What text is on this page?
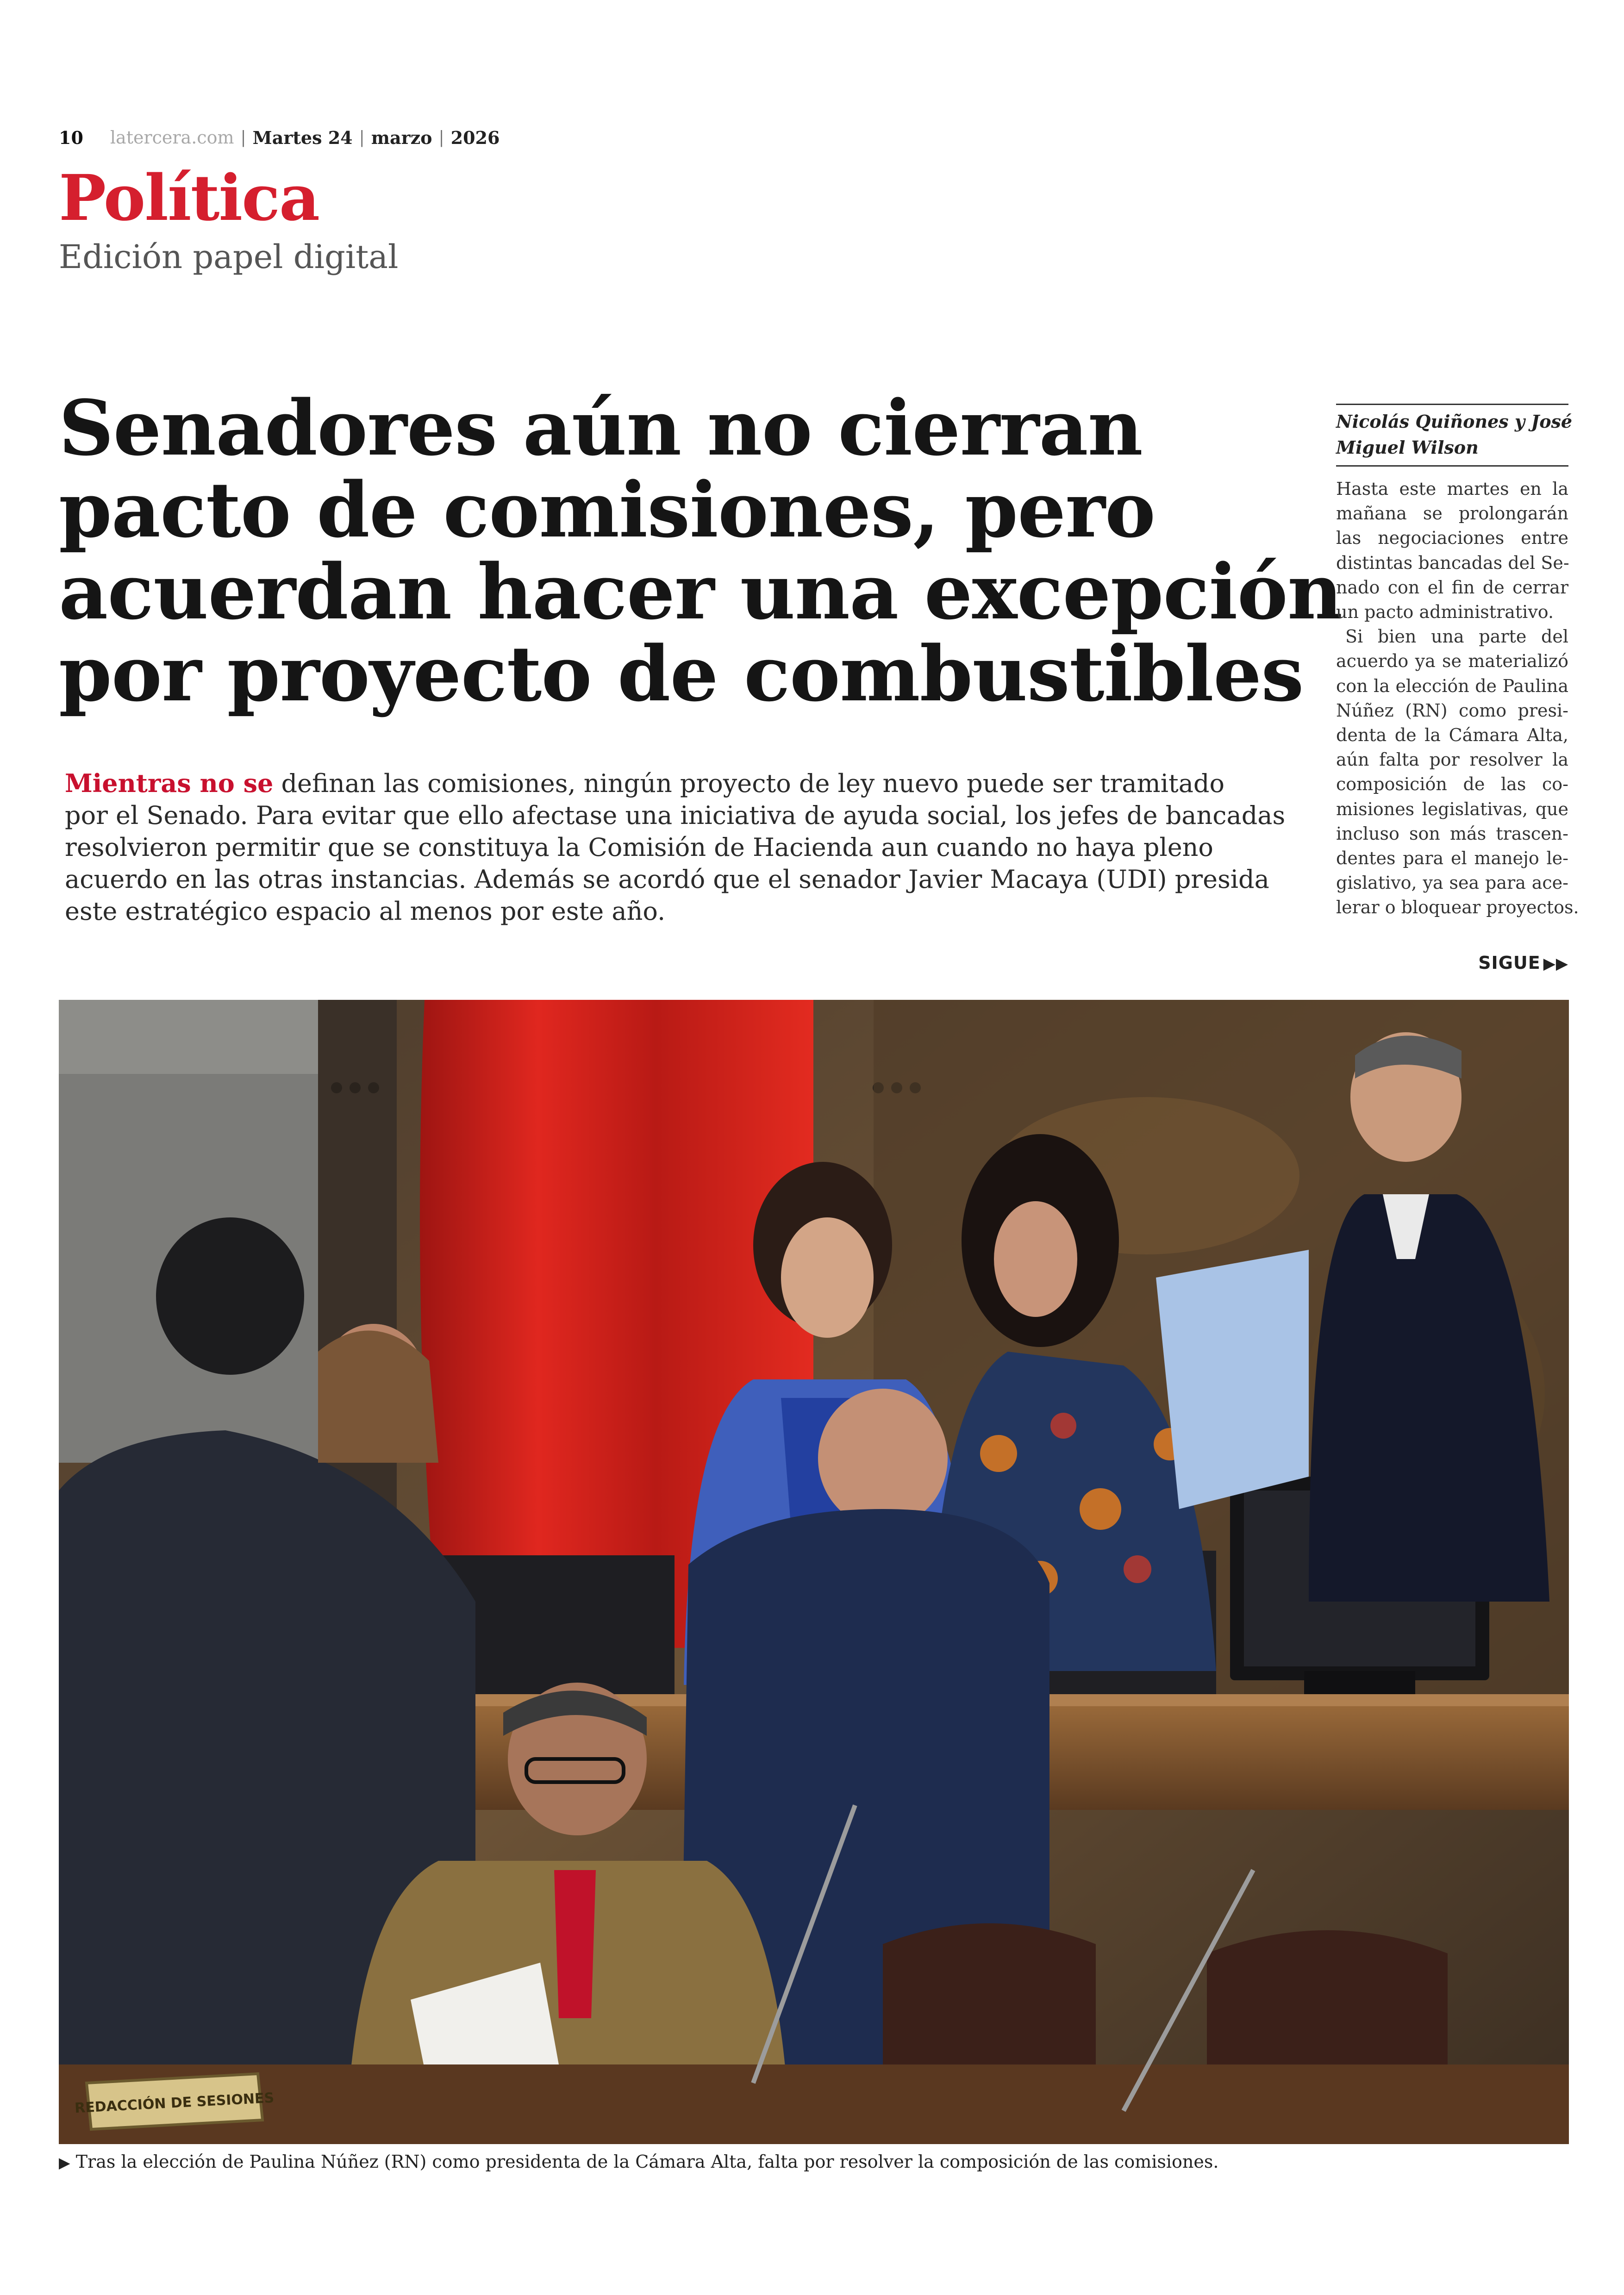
10 latercera.com | Martes 24 | marzo | 2026
Política
Edición papel digital
Senadores aún no cierran
pacto de comisiones, pero
acuerdan hacer una excepción
por proyecto de combustibles
Mientras no se definan las comisiones, ningún proyecto de ley nuevo puede ser tramitado
por el Senado. Para evitar que ello afectase una iniciativa de ayuda social, los jefes de bancadas
resolvieron permitir que se constituya la Comisión de Hacienda aun cuando no haya pleno
acuerdo en las otras instancias. Además se acordó que el senador Javier Macaya (UDI) presida
este estratégico espacio al menos por este año.
Nicolás Quiñones y José
Miguel Wilson
Hasta este martes en la
mañana se prolongarán
las negociaciones entre
distintas bancadas del Se-
nado con el fin de cerrar
un pacto administrativo.
Si bien una parte del
acuerdo ya se materializó
con la elección de Paulina
Núñez (RN) como presi-
denta de la Cámara Alta,
aún falta por resolver la
composición de las co-
misiones legislativas, que
incluso son más trascen-
dentes para el manejo le-
gislativo, ya sea para ace-
lerar o bloquear proyectos.
SIGUE ▶▶
REDACCIÓN DE SESIONES
▶ Tras la elección de Paulina Núñez (RN) como presidenta de la Cámara Alta, falta por resolver la composición de las comisiones.
